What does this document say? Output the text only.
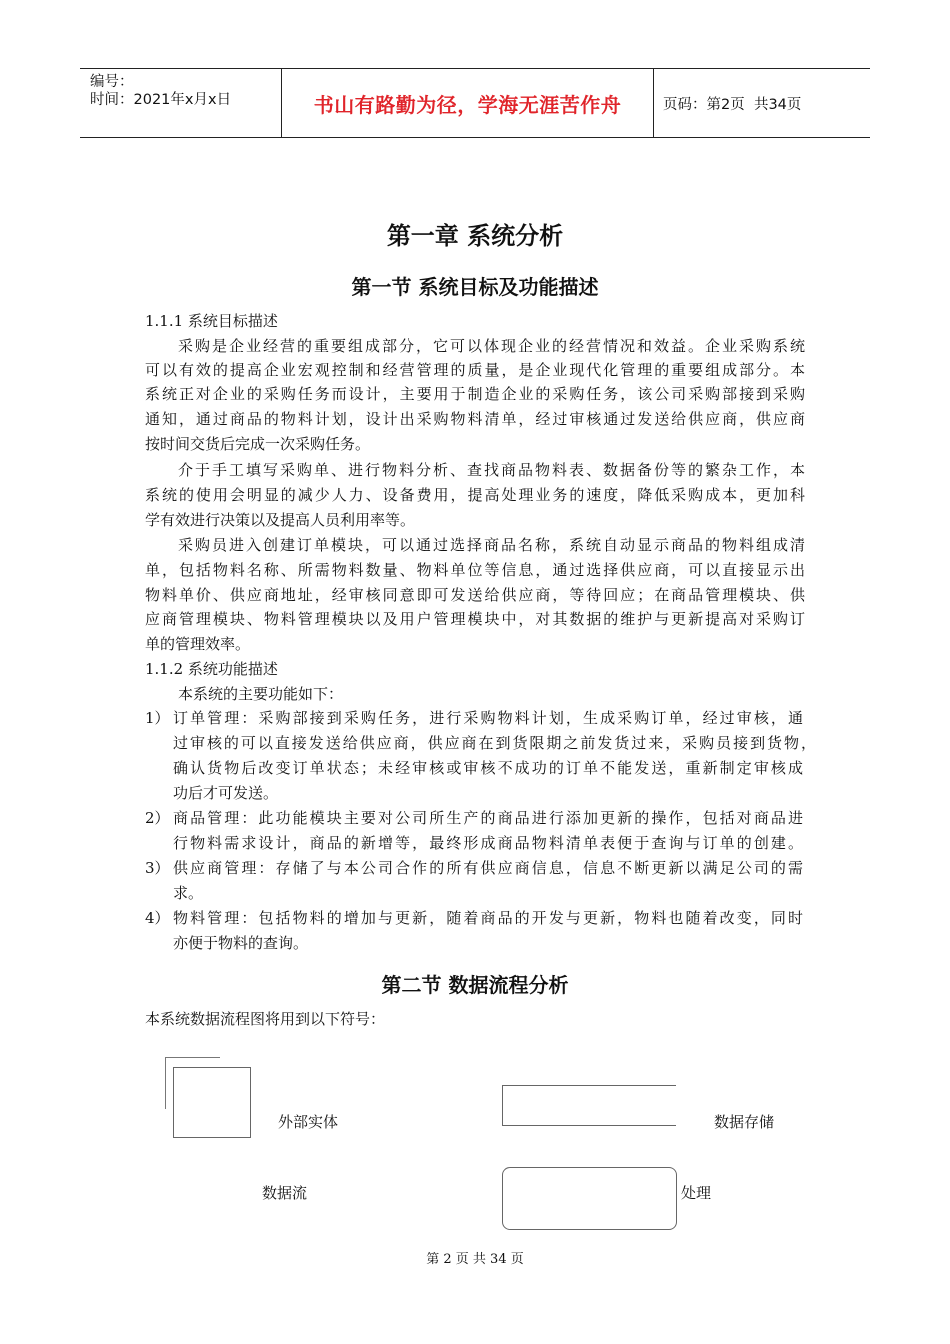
编号：
时间：2021年x月x日	书山有路勤为径，学海无涯苦作舟	页码：第2页  共34页
第一章 系统分析
第一节 系统目标及功能描述
1.1.1 系统目标描述
采购是企业经营的重要组成部分，它可以体现企业的经营情况和效益。企业采购系统
可以有效的提高企业宏观控制和经营管理的质量，是企业现代化管理的重要组成部分。本
系统正对企业的采购任务而设计，主要用于制造企业的采购任务，该公司采购部接到采购
通知，通过商品的物料计划，设计出采购物料清单，经过审核通过发送给供应商，供应商
按时间交货后完成一次采购任务。
介于手工填写采购单、进行物料分析、查找商品物料表、数据备份等的繁杂工作，本
系统的使用会明显的减少人力、设备费用，提高处理业务的速度，降低采购成本，更加科
学有效进行决策以及提高人员利用率等。
采购员进入创建订单模块，可以通过选择商品名称，系统自动显示商品的物料组成清
单，包括物料名称、所需物料数量、物料单位等信息，通过选择供应商，可以直接显示出
物料单价、供应商地址，经审核同意即可发送给供应商，等待回应；在商品管理模块、供
应商管理模块、物料管理模块以及用户管理模块中，对其数据的维护与更新提高对采购订
单的管理效率。
1.1.2 系统功能描述
本系统的主要功能如下：
1） 订单管理：采购部接到采购任务，进行采购物料计划，生成采购订单，经过审核，通
过审核的可以直接发送给供应商，供应商在到货限期之前发货过来，采购员接到货物，
确认货物后改变订单状态；未经审核或审核不成功的订单不能发送，重新制定审核成
功后才可发送。
2） 商品管理：此功能模块主要对公司所生产的商品进行添加更新的操作，包括对商品进
行物料需求设计，商品的新增等，最终形成商品物料清单表便于查询与订单的创建。
3） 供应商管理：存储了与本公司合作的所有供应商信息，信息不断更新以满足公司的需
求。
4） 物料管理：包括物料的增加与更新，随着商品的开发与更新，物料也随着改变，同时
亦便于物料的查询。
第二节 数据流程分析
本系统数据流程图将用到以下符号：
外部实体	数据存储
数据流	处理
第 2 页 共 34 页
